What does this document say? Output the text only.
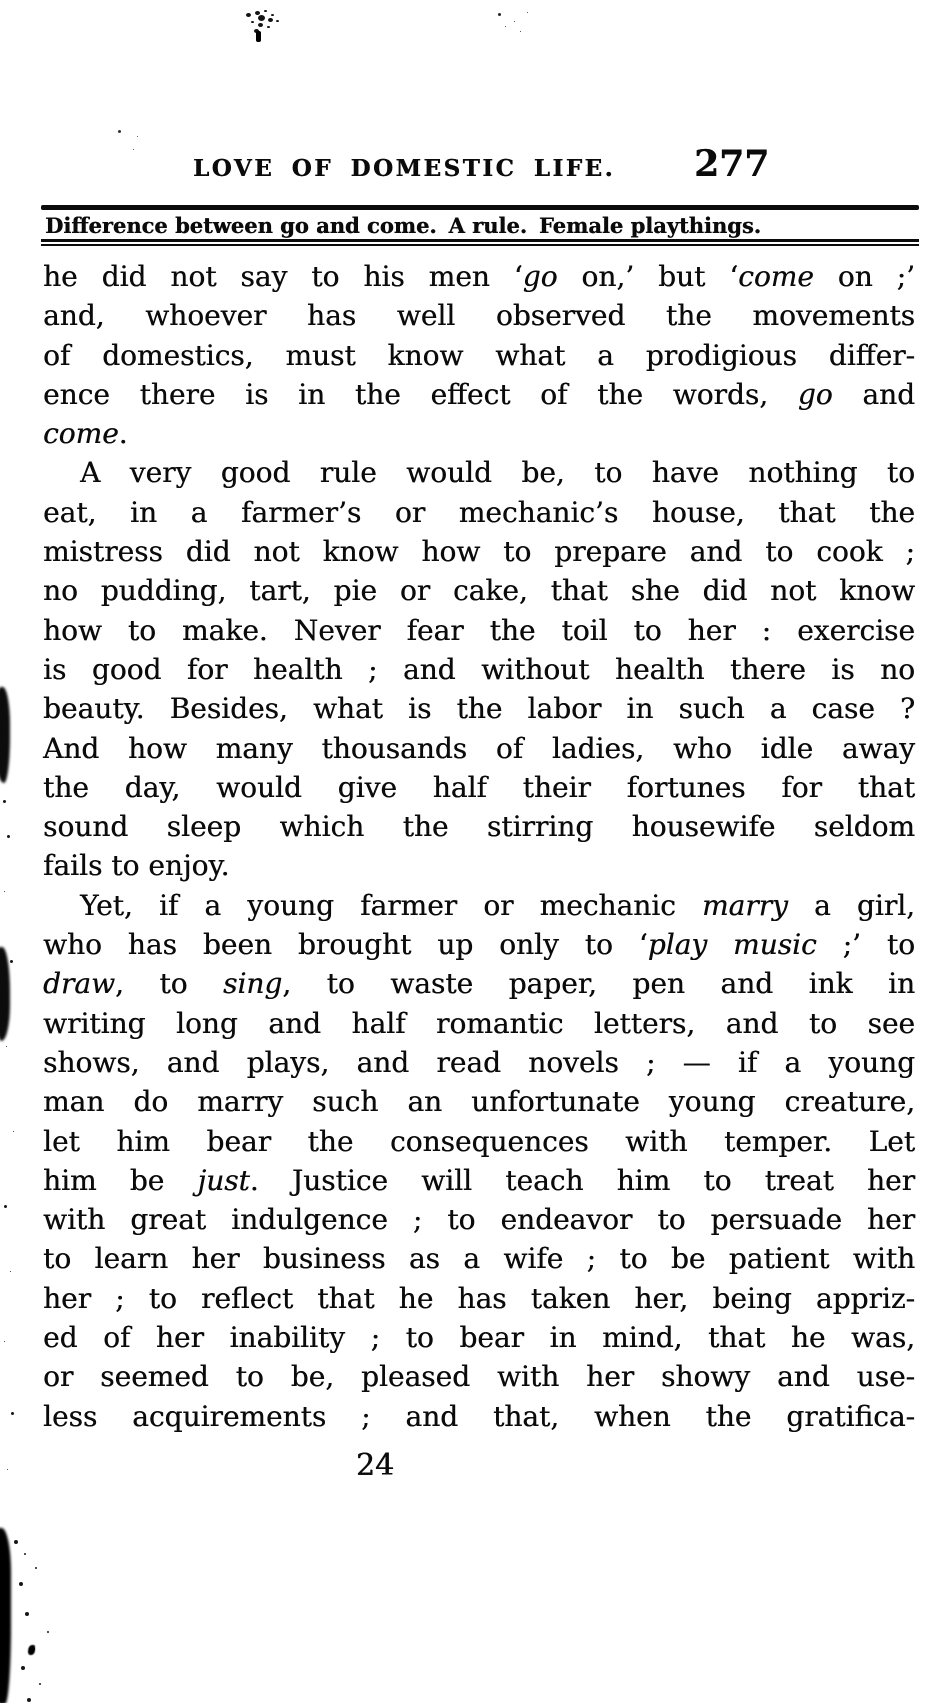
LOVE OF DOMESTIC LIFE. 277
Difference between go and come. A rule. Female playthings.
he did not say to his men ‘go on,’ but ‘come on ;’
and, whoever has well observed the movements
of domestics, must know what a prodigious differ-
ence there is in the effect of the words, go and
come.
A very good rule would be, to have nothing to
eat, in a farmer’s or mechanic’s house, that the
mistress did not know how to prepare and to cook ;
no pudding, tart, pie or cake, that she did not know
how to make. Never fear the toil to her : exercise
is good for health ; and without health there is no
beauty. Besides, what is the labor in such a case ?
And how many thousands of ladies, who idle away
the day, would give half their fortunes for that
sound sleep which the stirring housewife seldom
fails to enjoy.
Yet, if a young farmer or mechanic marry a girl,
who has been brought up only to ‘play music ;’ to
draw, to sing, to waste paper, pen and ink in
writing long and half romantic letters, and to see
shows, and plays, and read novels ; — if a young
man do marry such an unfortunate young creature,
let him bear the consequences with temper. Let
him be just. Justice will teach him to treat her
with great indulgence ; to endeavor to persuade her
to learn her business as a wife ; to be patient with
her ; to reflect that he has taken her, being appriz-
ed of her inability ; to bear in mind, that he was,
or seemed to be, pleased with her showy and use-
less acquirements ; and that, when the gratifica-
24
